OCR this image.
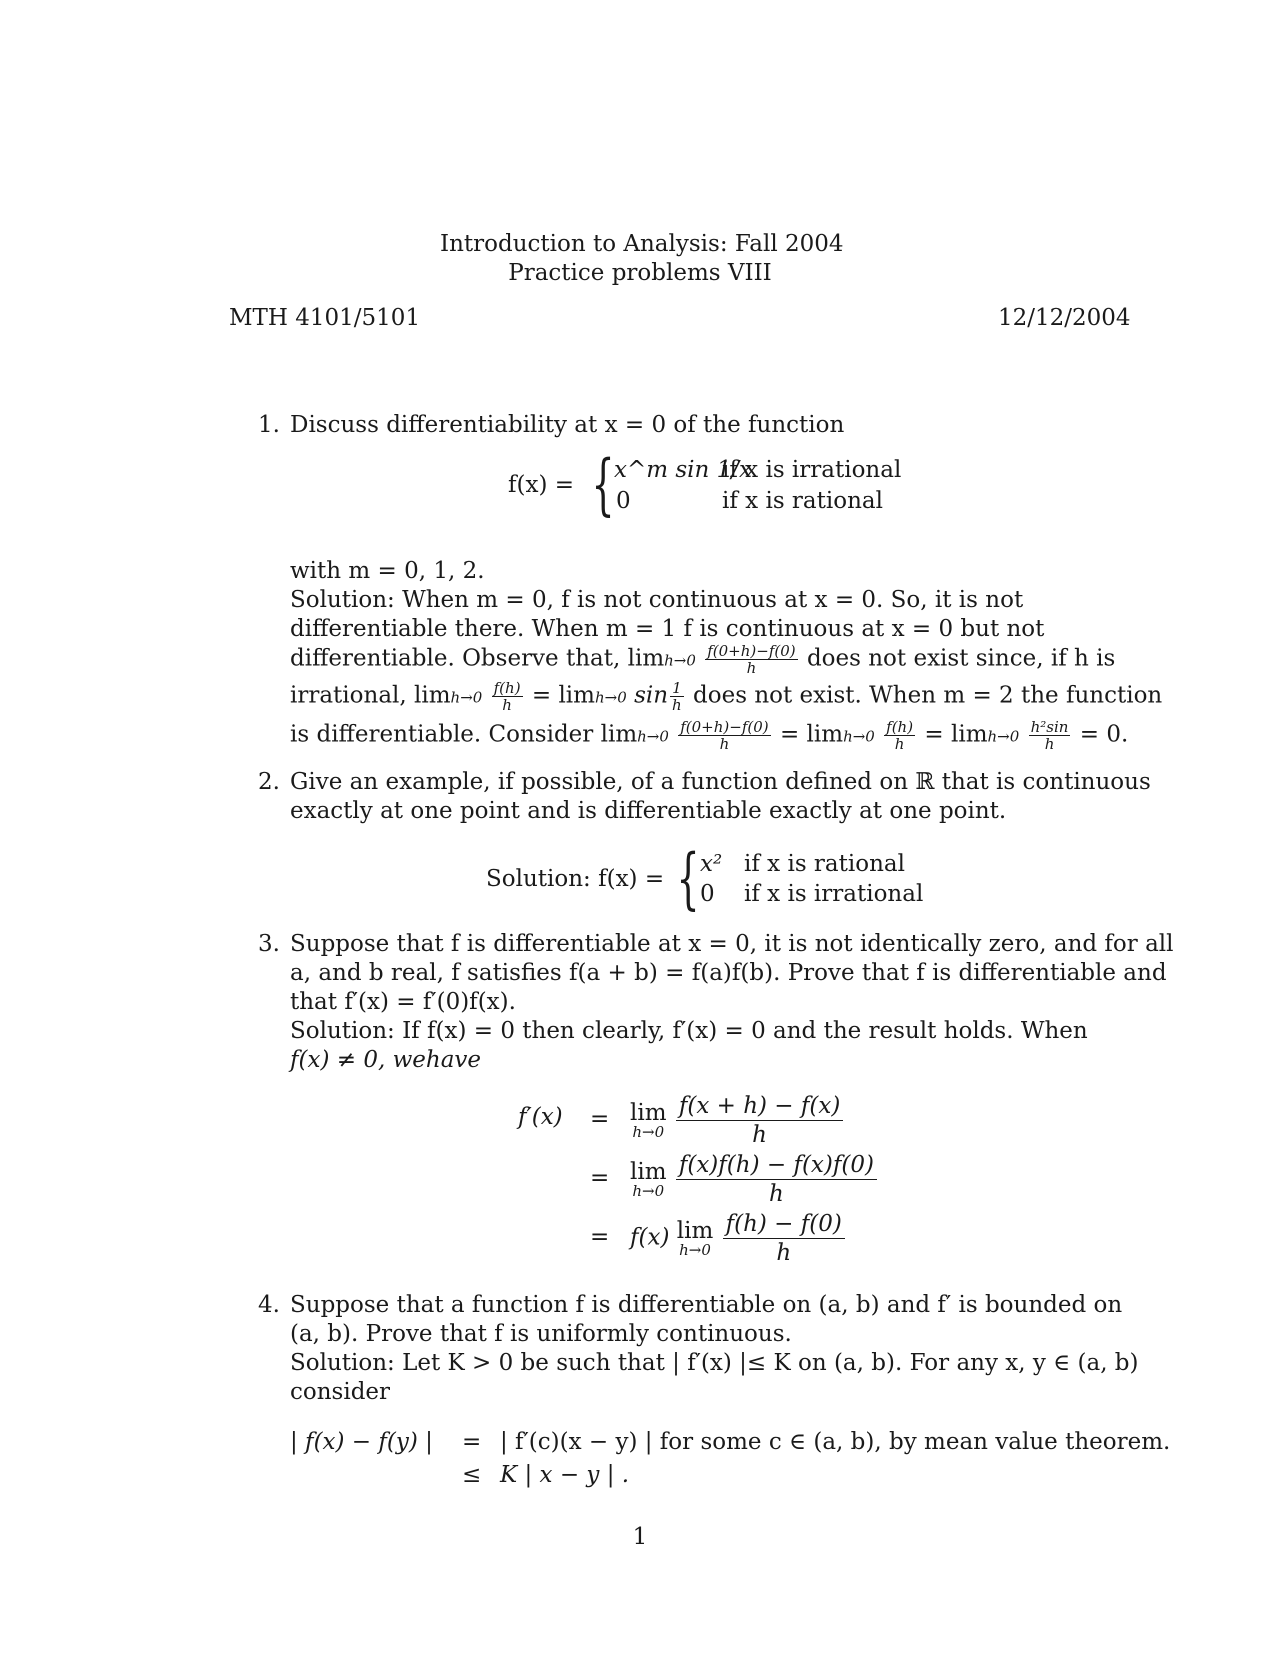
Introduction to Analysis: Fall 2004
Practice problems VIII
MTH 4101/5101	12/12/2004
1. Discuss differentiability at x = 0 of the function
f(x) = { x^m sin 1/x
if x is irrational
0	if x is rational
with m = 0, 1, 2.
Solution: When m = 0, f is not continuous at x = 0. So, it is not
differentiable there. When m = 1 f is continuous at x = 0 but not
differentiable. Observe that, $\lim h\to 0 \frac{f(0+h)-f(0)}{h}$ does not exist since, if h is
irrational, $\lim h\to 0 \frac{f(h)}{h} = \lim h\to 0$ $\sin \frac{1}{h}$ does not exist. When m = 2 the function
is differentiable. Consider $\lim h\to 0 \frac{f(0+h)-f(0)}{h} = \lim h\to 0 \frac{f(h)}{h} = \lim h\to 0 \frac{\text{h²sin}}{h} = 0$.
2. Give an example, if possible, of a function defined on ℝ that is continuous
exactly at one point and is differentiable exactly at one point.
Solution: f(x) = { x² if x is rational
0 if x is irrational
3. Suppose that f is differentiable at x = 0, it is not identically zero, and for all
a, and b real, f satisfies f(a + b) = f(a)f(b). Prove that f is differentiable and
that f′(x) = f′(0)f(x).
Solution: If f(x) = 0 then clearly, f′(x) = 0 and the result holds. When
f(x) ≠ 0, wehave
f′(x) = lim
h→0
$\frac{f(x + h) - f(x)}{h}$
= lim
h→0
$\frac{f(x)f(h) - f(x)f(0)}{h}$
= f(x) lim
h→0
$\frac{f(h) - f(0)}{h}$
4. Suppose that a function f is differentiable on (a, b) and f′ is bounded on
(a, b). Prove that f is uniformly continuous.
Solution: Let K > 0 be such that | f′(x) |≤ K on (a, b). For any x, y ∈ (a, b)
consider
| f(x) − f(y) | = | f′(c)(x − y) | for some c ∈ (a, b), by mean value theorem.
≤ K | x − y | .
1
